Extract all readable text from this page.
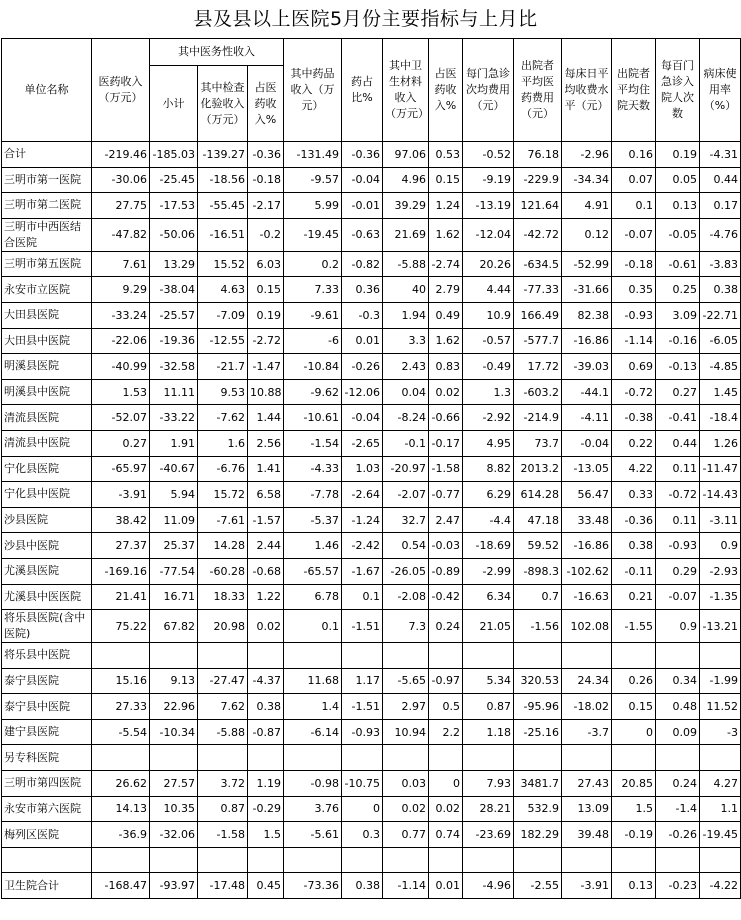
县及县以上医院5月份主要指标与上月比
单位名称	医药收入（万元）	其中医务性收入			其中药品收入（万元）	药占比%	其中卫生材料收入（万元）	占医药收入%	每门急诊次均费用（元）	出院者平均医药费用（元）	每床日平均收费水平（元）	出院者平均住院天数	每百门急诊入院人次数	病床使用率（%）
		小计	其中检查化验收入（万元）	占医药收入%										
合计	-219.46	-185.03	-139.27	-0.36	-131.49	-0.36	97.06	0.53	-0.52	76.18	-2.96	0.16	0.19	-4.31
三明市第一医院	-30.06	-25.45	-18.56	-0.18	-9.57	-0.04	4.96	0.15	-9.19	-229.9	-34.34	0.07	0.05	0.44
三明市第二医院	27.75	-17.53	-55.45	-2.17	5.99	-0.01	39.29	1.24	-13.19	121.64	4.91	0.1	0.13	0.17
三明市中西医结合医院	-47.82	-50.06	-16.51	-0.2	-19.45	-0.63	21.69	1.62	-12.04	-42.72	0.12	-0.07	-0.05	-4.76
三明市第五医院	7.61	13.29	15.52	6.03	0.2	-0.82	-5.88	-2.74	20.26	-634.5	-52.99	-0.18	-0.61	-3.83
永安市立医院	9.29	-38.04	4.63	0.15	7.33	0.36	40	2.79	4.44	-77.33	-31.66	0.35	0.25	0.38
大田县医院	-33.24	-25.57	-7.09	0.19	-9.61	-0.3	1.94	0.49	10.9	166.49	82.38	-0.93	3.09	-22.71
大田县中医院	-22.06	-19.36	-12.55	-2.72	-6	0.01	3.3	1.62	-0.57	-577.7	-16.86	-1.14	-0.16	-6.05
明溪县医院	-40.99	-32.58	-21.7	-1.47	-10.84	-0.26	2.43	0.83	-0.49	17.72	-39.03	0.69	-0.13	-4.85
明溪县中医院	1.53	11.11	9.53	10.88	-9.62	-12.06	0.04	0.02	1.3	-603.2	-44.1	-0.72	0.27	1.45
清流县医院	-52.07	-33.22	-7.62	1.44	-10.61	-0.04	-8.24	-0.66	-2.92	-214.9	-4.11	-0.38	-0.41	-18.4
清流县中医院	0.27	1.91	1.6	2.56	-1.54	-2.65	-0.1	-0.17	4.95	73.7	-0.04	0.22	0.44	1.26
宁化县医院	-65.97	-40.67	-6.76	1.41	-4.33	1.03	-20.97	-1.58	8.82	2013.2	-13.05	4.22	0.11	-11.47
宁化县中医院	-3.91	5.94	15.72	6.58	-7.78	-2.64	-2.07	-0.77	6.29	614.28	56.47	0.33	-0.72	-14.43
沙县医院	38.42	11.09	-7.61	-1.57	-5.37	-1.24	32.7	2.47	-4.4	47.18	33.48	-0.36	0.11	-3.11
沙县中医院	27.37	25.37	14.28	2.44	1.46	-2.42	0.54	-0.03	-18.69	59.52	-16.86	0.38	-0.93	0.9
尤溪县医院	-169.16	-77.54	-60.28	-0.68	-65.57	-1.67	-26.05	-0.89	-2.99	-898.3	-102.62	-0.11	0.29	-2.93
尤溪县中医医院	21.41	16.71	18.33	1.22	6.78	0.1	-2.08	-0.42	6.34	0.7	-16.63	0.21	-0.07	-1.35
将乐县医院(含中医院)	75.22	67.82	20.98	0.02	0.1	-1.51	7.3	0.24	21.05	-1.56	102.08	-1.55	0.9	-13.21
将乐县中医院														
泰宁县医院	15.16	9.13	-27.47	-4.37	11.68	1.17	-5.65	-0.97	5.34	320.53	24.34	0.26	0.34	-1.99
泰宁县中医院	27.33	22.96	7.62	0.38	1.4	-1.51	2.97	0.5	0.87	-95.96	-18.02	0.15	0.48	11.52
建宁县医院	-5.54	-10.34	-5.88	-0.87	-6.14	-0.93	10.94	2.2	1.18	-25.16	-3.7	0	0.09	-3
另专科医院														
三明市第四医院	26.62	27.57	3.72	1.19	-0.98	-10.75	0.03	0	7.93	3481.7	27.43	20.85	0.24	4.27
永安市第六医院	14.13	10.35	0.87	-0.29	3.76	0	0.02	0.02	28.21	532.9	13.09	1.5	-1.4	1.1
梅列区医院	-36.9	-32.06	-1.58	1.5	-5.61	0.3	0.77	0.74	-23.69	182.29	39.48	-0.19	-0.26	-19.45

卫生院合计	-168.47	-93.97	-17.48	0.45	-73.36	0.38	-1.14	0.01	-4.96	-2.55	-3.91	0.13	-0.23	-4.22
